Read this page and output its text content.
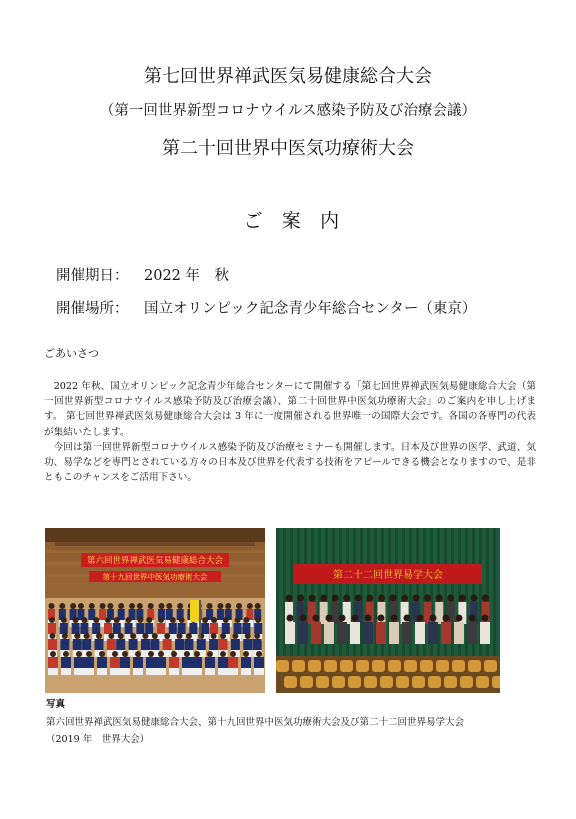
第七回世界禅武医気易健康総合大会
（第一回世界新型コロナウイルス感染予防及び治療会議）
第二十回世界中医気功療術大会
ご 案 内
開催期日： 2022 年　秋
開催場所： 国立オリンピック記念青少年総合センター（東京）
ごあいさつ
　2022 年秋、国立オリンピック記念青少年総合センターにて開催する「第七回世界禅武医気易健康総合大会（第一回世界新型コロナウイルス感染予防及び治療会議）、第二十回世界中医気功療術大会」のご案内を申し上げます。 第七回世界禅武医気易健康総合大会は 3 年に一度開催される世界唯一の国際大会です。各国の各専門の代表が集結いたします。
　今回は第一回世界新型コロナウイルス感染予防及び治療セミナーも開催します。日本及び世界の医学、武道、気功、易学などを専門とされている方々の日本及び世界を代表する技術をアピールできる機会となりますので、是非ともこのチャンスをご活用下さい。
第六回世界禅武医気易健康総合大会
第十九回世界中医気功療術大会	第二十二回世界易学大会
写真
第六回世界禅武医気易健康総合大会、第十九回世界中医気功療術大会及び第二十二回世界易学大会
（2019 年　世界大会）
